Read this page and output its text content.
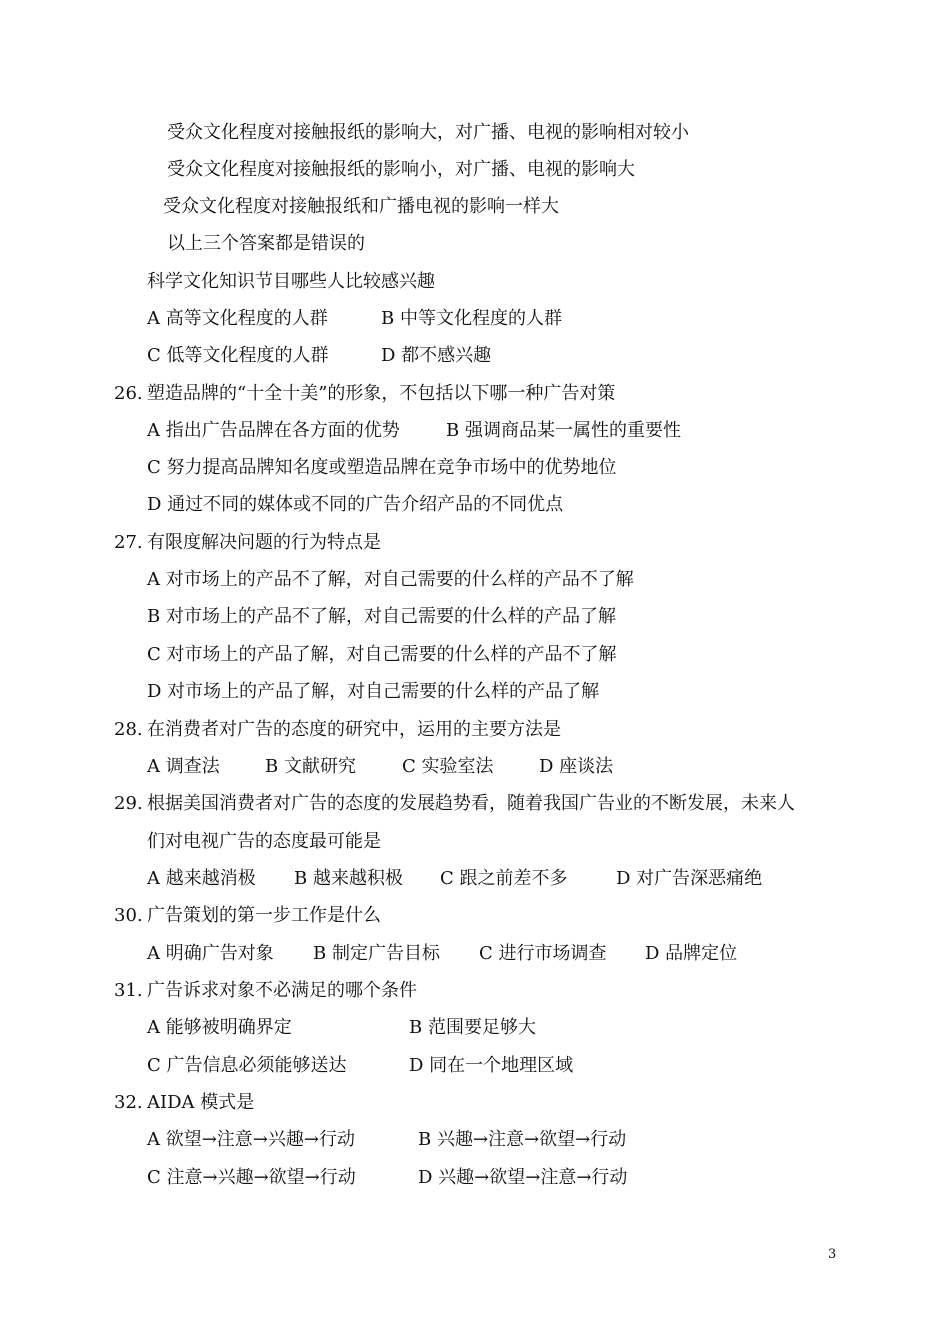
受众文化程度对接触报纸的影响大，对广播、电视的影响相对较小
受众文化程度对接触报纸的影响小，对广播、电视的影响大
受众文化程度对接触报纸和广播电视的影响一样大
以上三个答案都是错误的
科学文化知识节目哪些人比较感兴趣
A 高等文化程度的人群	B 中等文化程度的人群
C 低等文化程度的人群	D 都不感兴趣
26. 塑造品牌的“十全十美”的形象，不包括以下哪一种广告对策
A 指出广告品牌在各方面的优势	B 强调商品某一属性的重要性
C 努力提高品牌知名度或塑造品牌在竞争市场中的优势地位
D 通过不同的媒体或不同的广告介绍产品的不同优点
27. 有限度解决问题的行为特点是
A 对市场上的产品不了解，对自己需要的什么样的产品不了解
B 对市场上的产品不了解，对自己需要的什么样的产品了解
C 对市场上的产品了解，对自己需要的什么样的产品不了解
D 对市场上的产品了解，对自己需要的什么样的产品了解
28. 在消费者对广告的态度的研究中，运用的主要方法是
A 调查法	B 文献研究	C 实验室法	D 座谈法
29. 根据美国消费者对广告的态度的发展趋势看，随着我国广告业的不断发展，未来人
们对电视广告的态度最可能是
A 越来越消极 B 越来越积极 C 跟之前差不多	D 对广告深恶痛绝
30. 广告策划的第一步工作是什么
A 明确广告对象 B 制定广告目标 C 进行市场调查 D 品牌定位
31. 广告诉求对象不必满足的哪个条件
A 能够被明确界定	B 范围要足够大
C 广告信息必须能够送达	D 同在一个地理区域
32. AIDA 模式是
A 欲望→注意→兴趣→行动	B 兴趣→注意→欲望→行动
C 注意→兴趣→欲望→行动	D 兴趣→欲望→注意→行动
3
